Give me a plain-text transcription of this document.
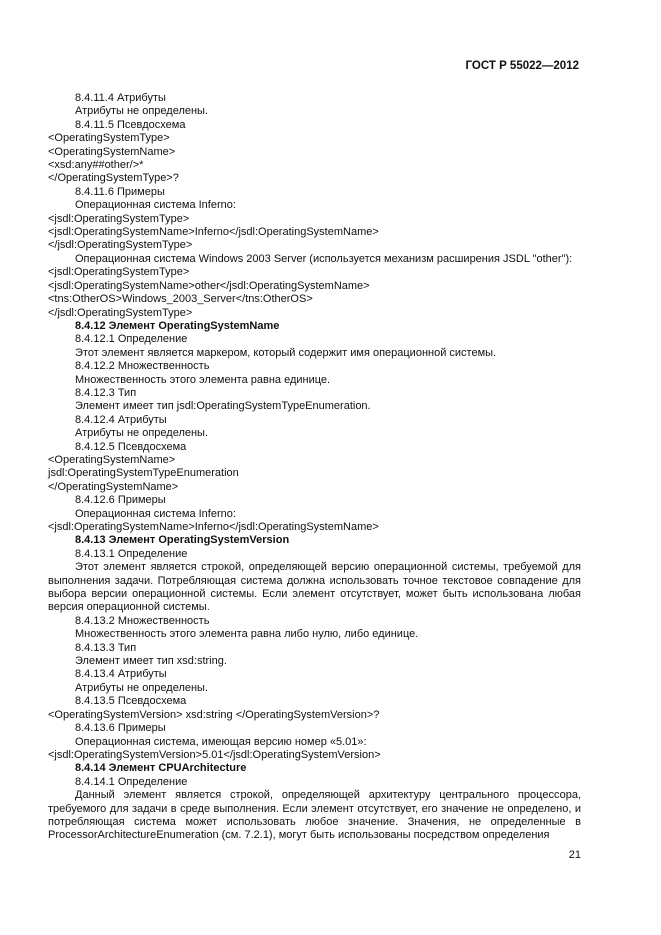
ГОСТ Р 55022—2012
8.4.11.4 Атрибуты
Атрибуты не определены.
8.4.11.5 Псевдосхема
<OperatingSystemType>
<OperatingSystemName>
<xsd:any##other/>*
</OperatingSystemType>?
8.4.11.6 Примеры
Операционная система Inferno:
<jsdl:OperatingSystemType>
<jsdl:OperatingSystemName>Inferno</jsdl:OperatingSystemName>
</jsdl:OperatingSystemType>
Операционная система Windows 2003 Server (используется механизм расширения JSDL "other"):
<jsdl:OperatingSystemType>
<jsdl:OperatingSystemName>other</jsdl:OperatingSystemName>
<tns:OtherOS>Windows_2003_Server</tns:OtherOS>
</jsdl:OperatingSystemType>
8.4.12 Элемент OperatingSystemName
8.4.12.1 Определение
Этот элемент является маркером, который содержит имя операционной системы.
8.4.12.2 Множественность
Множественность этого элемента равна единице.
8.4.12.3 Тип
Элемент имеет тип jsdl:OperatingSystemTypeEnumeration.
8.4.12.4 Атрибуты
Атрибуты не определены.
8.4.12.5 Псевдосхема
<OperatingSystemName>
jsdl:OperatingSystemTypeEnumeration
</OperatingSystemName>
8.4.12.6 Примеры
Операционная система Inferno:
<jsdl:OperatingSystemName>Inferno</jsdl:OperatingSystemName>
8.4.13 Элемент OperatingSystemVersion
8.4.13.1 Определение
Этот элемент является строкой, определяющей версию операционной системы, требуемой для выполнения задачи. Потребляющая система должна использовать точное текстовое совпадение для выбора версии операционной системы. Если элемент отсутствует, может быть использована любая версия операционной системы.
8.4.13.2 Множественность
Множественность этого элемента равна либо нулю, либо единице.
8.4.13.3 Тип
Элемент имеет тип xsd:string.
8.4.13.4 Атрибуты
Атрибуты не определены.
8.4.13.5 Псевдосхема
<OperatingSystemVersion> xsd:string </OperatingSystemVersion>?
8.4.13.6 Примеры
Операционная система, имеющая версию номер «5.01»:
<jsdl:OperatingSystemVersion>5.01</jsdl:OperatingSystemVersion>
8.4.14 Элемент CPUArchitecture
8.4.14.1 Определение
Данный элемент является строкой, определяющей архитектуру центрального процессора, требуемого для задачи в среде выполнения. Если элемент отсутствует, его значение не определено, и потребляющая система может использовать любое значение. Значения, не определенные в ProcessorArchitectureEnumeration (см. 7.2.1), могут быть использованы посредством определения
21
